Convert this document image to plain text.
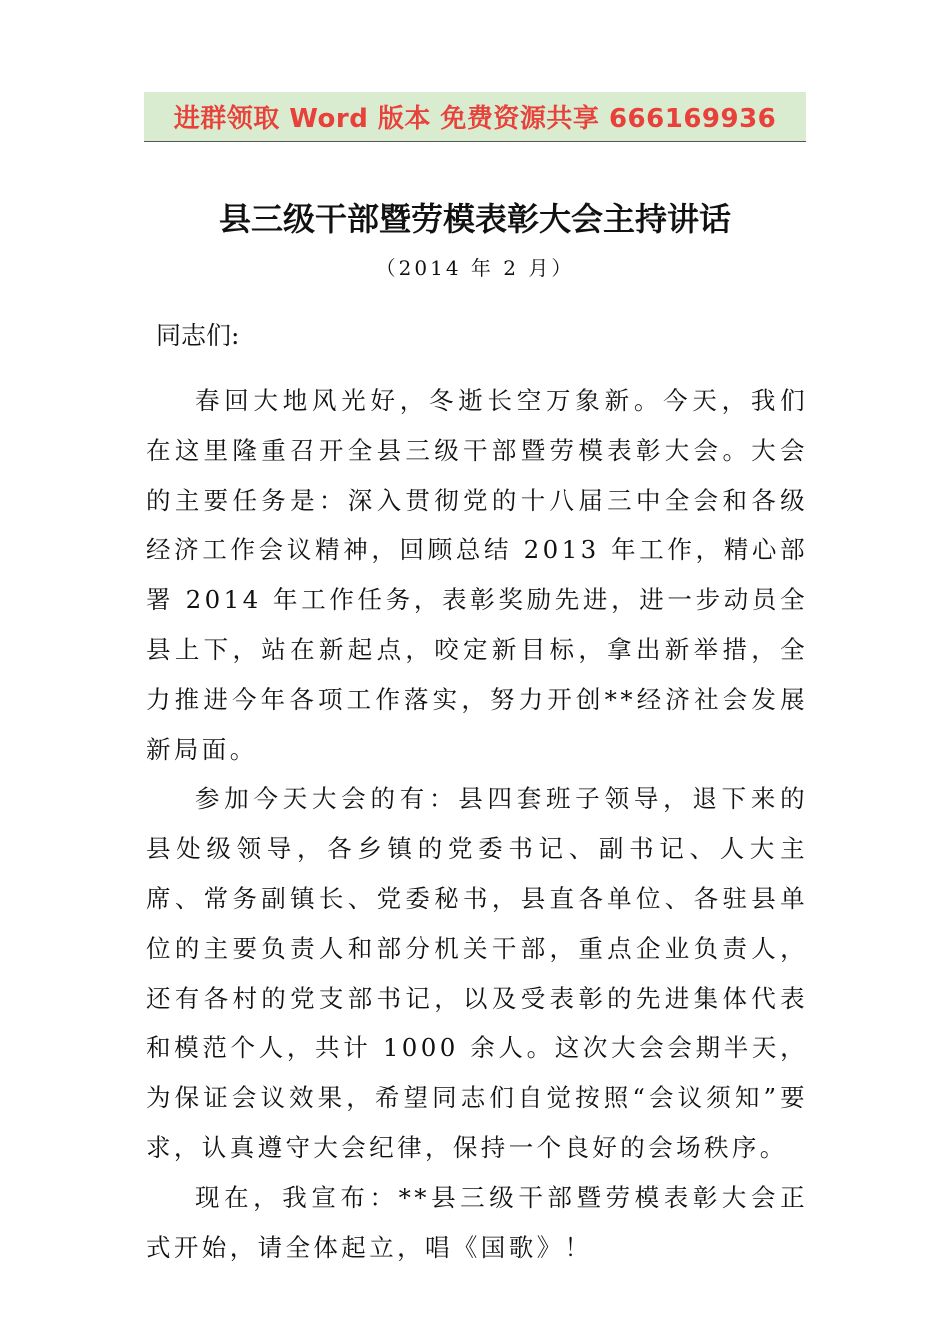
进群领取 Word 版本 免费资源共享 666169936
县三级干部暨劳模表彰大会主持讲话
（2014 年 2 月）

同志们:

春回大地风光好，冬逝长空万象新。今天，我们在这里隆重召开全县三级干部暨劳模表彰大会。大会的主要任务是：深入贯彻党的十八届三中全会和各级经济工作会议精神，回顾总结 2013 年工作，精心部署 2014 年工作任务，表彰奖励先进，进一步动员全县上下，站在新起点，咬定新目标，拿出新举措，全力推进今年各项工作落实，努力开创**经济社会发展新局面。

参加今天大会的有：县四套班子领导，退下来的县处级领导，各乡镇的党委书记、副书记、人大主席、常务副镇长、党委秘书，县直各单位、各驻县单位的主要负责人和部分机关干部，重点企业负责人，还有各村的党支部书记，以及受表彰的先进集体代表和模范个人，共计 1000 余人。这次大会会期半天，为保证会议效果，希望同志们自觉按照“会议须知”要求，认真遵守大会纪律，保持一个良好的会场秩序。

现在，我宣布：**县三级干部暨劳模表彰大会正式开始，请全体起立，唱《国歌》！
